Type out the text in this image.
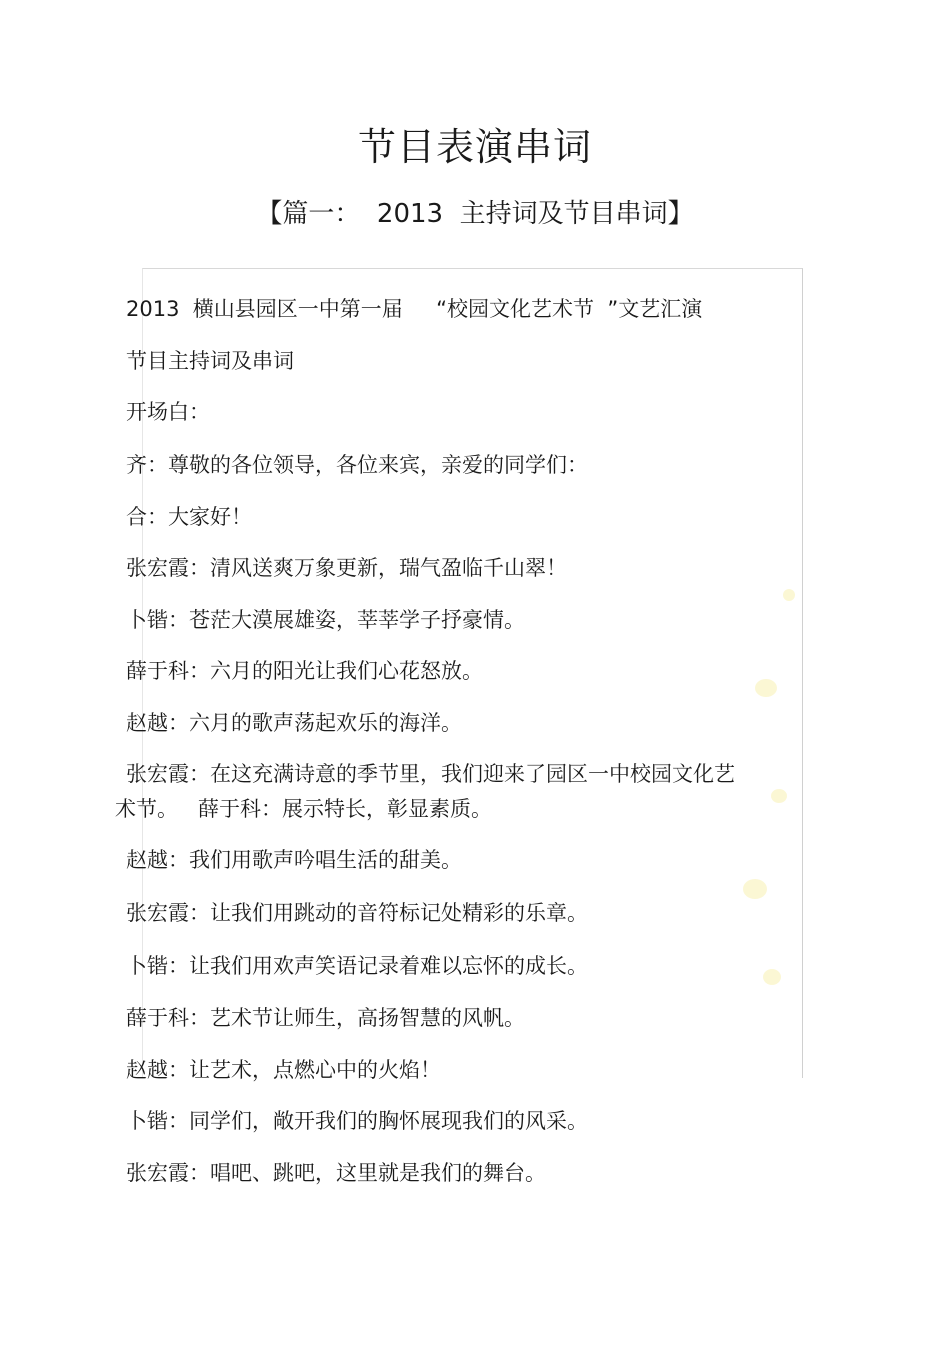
节目表演串词
【篇一：  2013  主持词及节目串词】
2013  横山县园区一中第一届     “校园文化艺术节  ”文艺汇演
节目主持词及串词
开场白：
齐：尊敬的各位领导，各位来宾，亲爱的同学们：
合：大家好！
张宏霞：清风送爽万象更新，瑞气盈临千山翠！
卜锴：苍茫大漠展雄姿，莘莘学子抒豪情。
薛于科：六月的阳光让我们心花怒放。
赵越：六月的歌声荡起欢乐的海洋。
张宏霞：在这充满诗意的季节里，我们迎来了园区一中校园文化艺
术节。   薛于科：展示特长，彰显素质。
赵越：我们用歌声吟唱生活的甜美。
张宏霞：让我们用跳动的音符标记处精彩的乐章。
卜锴：让我们用欢声笑语记录着难以忘怀的成长。
薛于科：艺术节让师生，高扬智慧的风帆。
赵越：让艺术，点燃心中的火焰！
卜锴：同学们，敞开我们的胸怀展现我们的风采。
张宏霞：唱吧、跳吧，这里就是我们的舞台。
